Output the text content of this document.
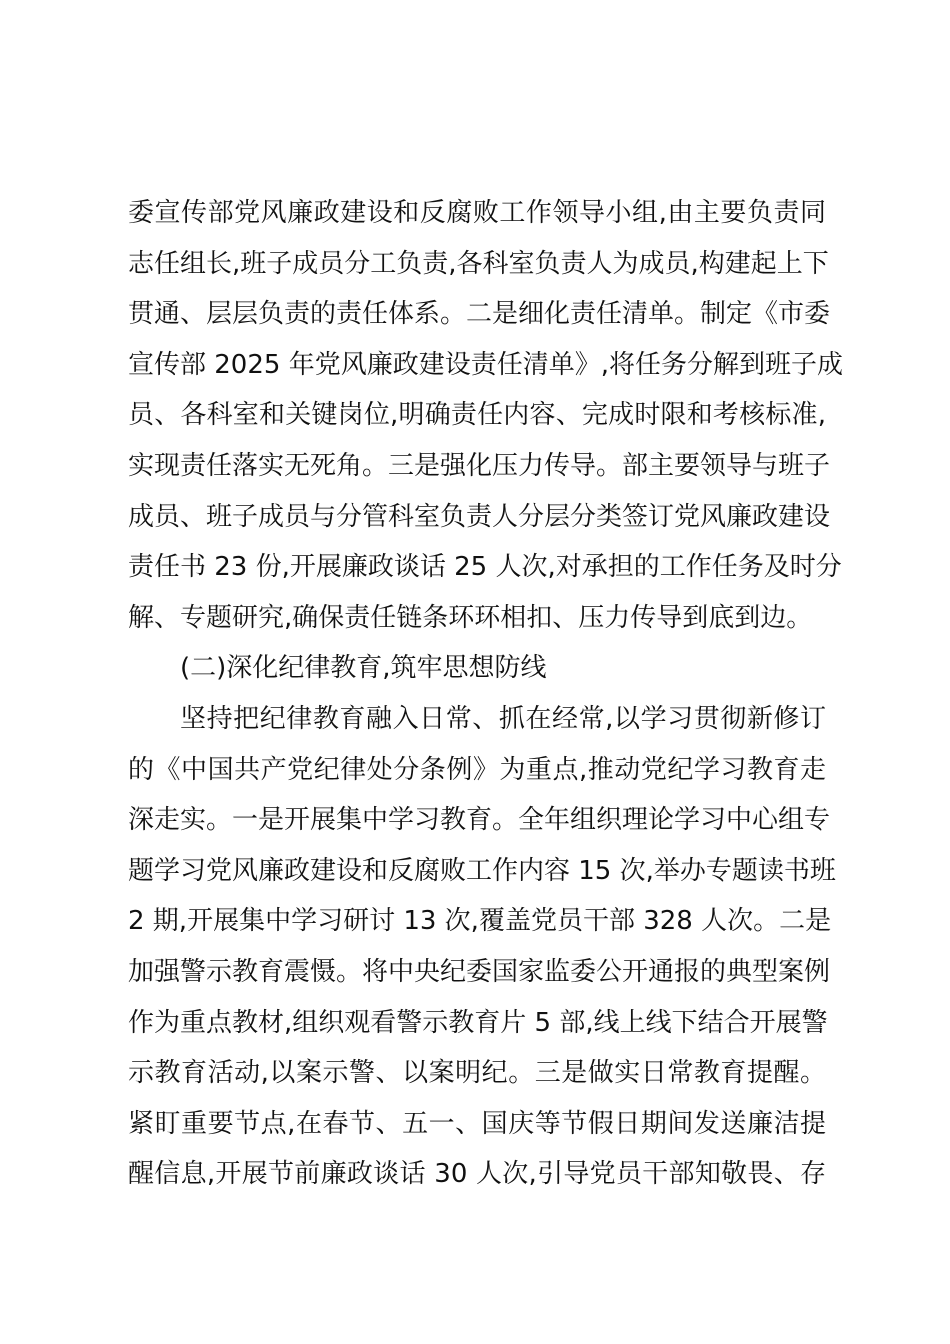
委宣传部党风廉政建设和反腐败工作领导小组,由主要负责同
志任组长,班子成员分工负责,各科室负责人为成员,构建起上下
贯通、层层负责的责任体系。二是细化责任清单。制定《市委
宣传部 2025 年党风廉政建设责任清单》,将任务分解到班子成
员、各科室和关键岗位,明确责任内容、完成时限和考核标准,
实现责任落实无死角。三是强化压力传导。部主要领导与班子
成员、班子成员与分管科室负责人分层分类签订党风廉政建设
责任书 23 份,开展廉政谈话 25 人次,对承担的工作任务及时分
解、专题研究,确保责任链条环环相扣、压力传导到底到边。
(二)深化纪律教育,筑牢思想防线
坚持把纪律教育融入日常、抓在经常,以学习贯彻新修订
的《中国共产党纪律处分条例》为重点,推动党纪学习教育走
深走实。一是开展集中学习教育。全年组织理论学习中心组专
题学习党风廉政建设和反腐败工作内容 15 次,举办专题读书班
2 期,开展集中学习研讨 13 次,覆盖党员干部 328 人次。二是
加强警示教育震慑。将中央纪委国家监委公开通报的典型案例
作为重点教材,组织观看警示教育片 5 部,线上线下结合开展警
示教育活动,以案示警、以案明纪。三是做实日常教育提醒。
紧盯重要节点,在春节、五一、国庆等节假日期间发送廉洁提
醒信息,开展节前廉政谈话 30 人次,引导党员干部知敬畏、存
